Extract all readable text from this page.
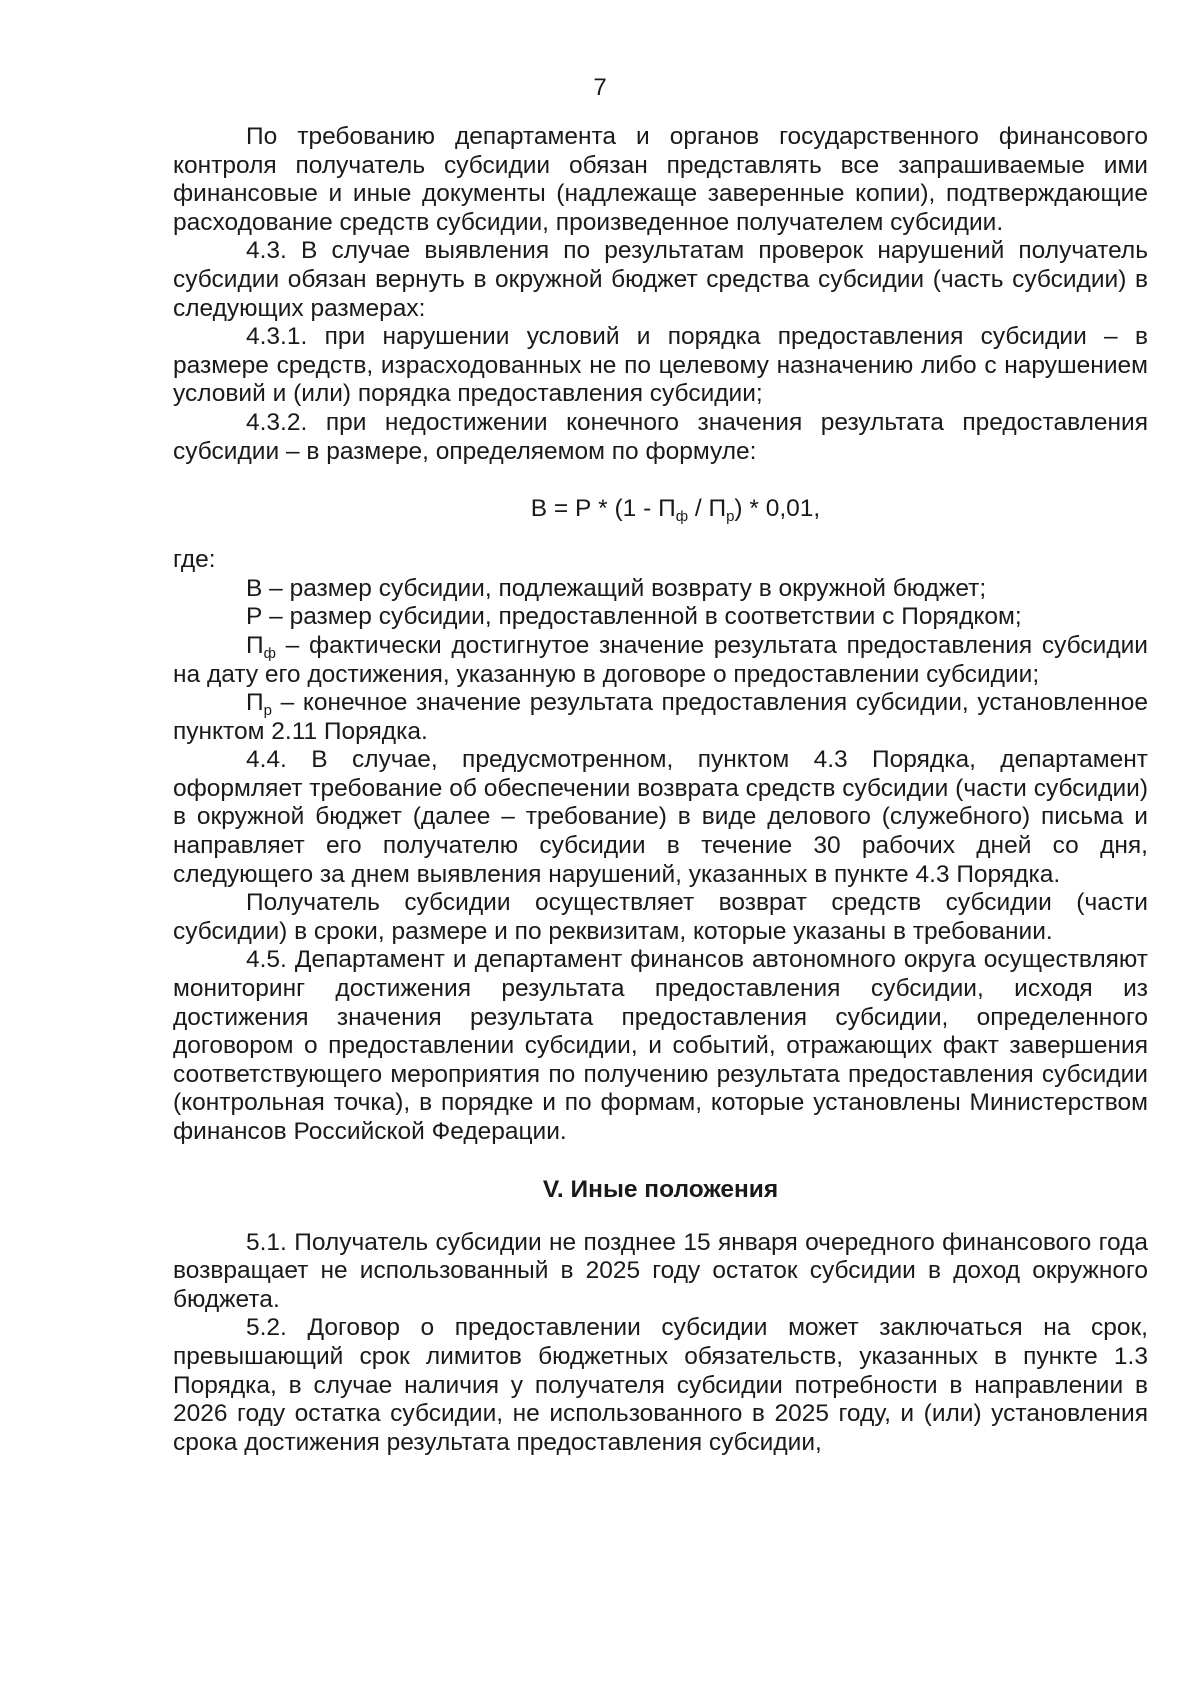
7

По требованию департамента и органов государственного финансового контроля получатель субсидии обязан представлять все запрашиваемые ими финансовые и иные документы (надлежаще заверенные копии), подтверждающие расходование средств субсидии, произведенное получателем субсидии.

4.3. В случае выявления по результатам проверок нарушений получатель субсидии обязан вернуть в окружной бюджет средства субсидии (часть субсидии) в следующих размерах:

4.3.1. при нарушении условий и порядка предоставления субсидии – в размере средств, израсходованных не по целевому назначению либо с нарушением условий и (или) порядка предоставления субсидии;

4.3.2. при недостижении конечного значения результата предоставления субсидии – в размере, определяемом по формуле:

$В = Р * (1 - П_ф / П_р) * 0,01$,

где:

В – размер субсидии, подлежащий возврату в окружной бюджет;

Р – размер субсидии, предоставленной в соответствии с Порядком;

$П_ф$ – фактически достигнутое значение результата предоставления субсидии на дату его достижения, указанную в договоре о предоставлении субсидии;

$П_р$ – конечное значение результата предоставления субсидии, установленное пунктом 2.11 Порядка.

4.4. В случае, предусмотренном, пунктом 4.3 Порядка, департамент оформляет требование об обеспечении возврата средств субсидии (части субсидии) в окружной бюджет (далее – требование) в виде делового (служебного) письма и направляет его получателю субсидии в течение 30 рабочих дней со дня, следующего за днем выявления нарушений, указанных в пункте 4.3 Порядка.

Получатель субсидии осуществляет возврат средств субсидии (части субсидии) в сроки, размере и по реквизитам, которые указаны в требовании.

4.5. Департамент и департамент финансов автономного округа осуществляют мониторинг достижения результата предоставления субсидии, исходя из достижения значения результата предоставления субсидии, определенного договором о предоставлении субсидии, и событий, отражающих факт завершения соответствующего мероприятия по получению результата предоставления субсидии (контрольная точка), в порядке и по формам, которые установлены Министерством финансов Российской Федерации.

V. Иные положения

5.1. Получатель субсидии не позднее 15 января очередного финансового года возвращает не использованный в 2025 году остаток субсидии в доход окружного бюджета.

5.2. Договор о предоставлении субсидии может заключаться на срок, превышающий срок лимитов бюджетных обязательств, указанных в пункте 1.3 Порядка, в случае наличия у получателя субсидии потребности в направлении в 2026 году остатка субсидии, не использованного в 2025 году, и (или) установления срока достижения результата предоставления субсидии,
